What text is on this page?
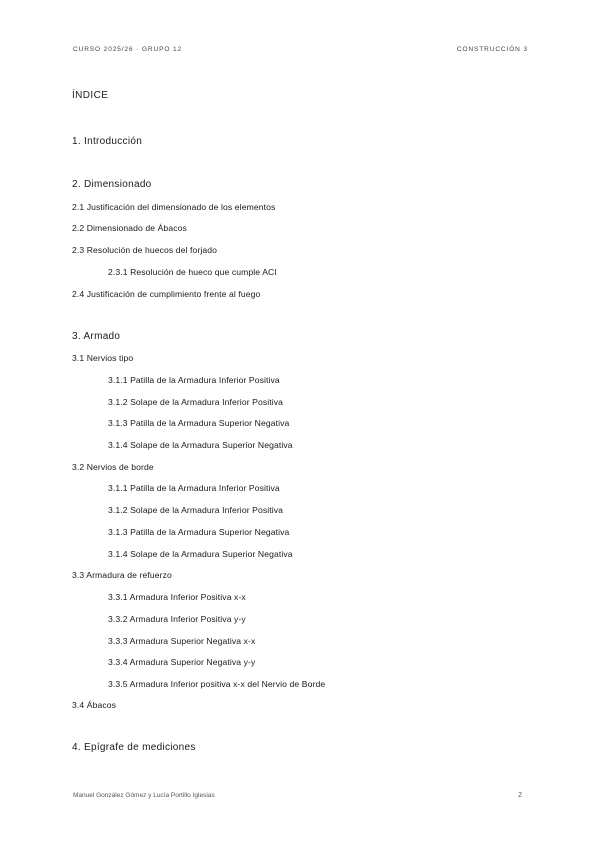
CURSO 2025/26 · GRUPO 12	CONSTRUCCIÓN 3
ÍNDICE
1. Introducción
2. Dimensionado
2.1 Justificación del dimensionado de los elementos
2.2 Dimensionado de Ábacos
2.3 Resolución de huecos del forjado
2.3.1 Resolución de hueco que cumple ACI
2.4 Justificación de cumplimiento frente al fuego
3. Armado
3.1 Nervios tipo
3.1.1 Patilla de la Armadura Inferior Positiva
3.1.2 Solape de la Armadura Inferior Positiva
3.1.3 Patilla de la Armadura Superior Negativa
3.1.4 Solape de la Armadura Superior Negativa
3.2 Nervios de borde
3.1.1 Patilla de la Armadura Inferior Positiva
3.1.2 Solape de la Armadura Inferior Positiva
3.1.3 Patilla de la Armadura Superior Negativa
3.1.4 Solape de la Armadura Superior Negativa
3.3 Armadura de refuerzo
3.3.1 Armadura Inferior Positiva x-x
3.3.2 Armadura Inferior Positiva y-y
3.3.3 Armadura Superior Negativa x-x
3.3.4 Armadura Superior Negativa y-y
3.3.5 Armadura Inferior positiva x-x del Nervio de Borde
3.4 Ábacos
4. Epígrafe de mediciones
Manuel González Gómez y Lucía Portillo Iglesias	2
